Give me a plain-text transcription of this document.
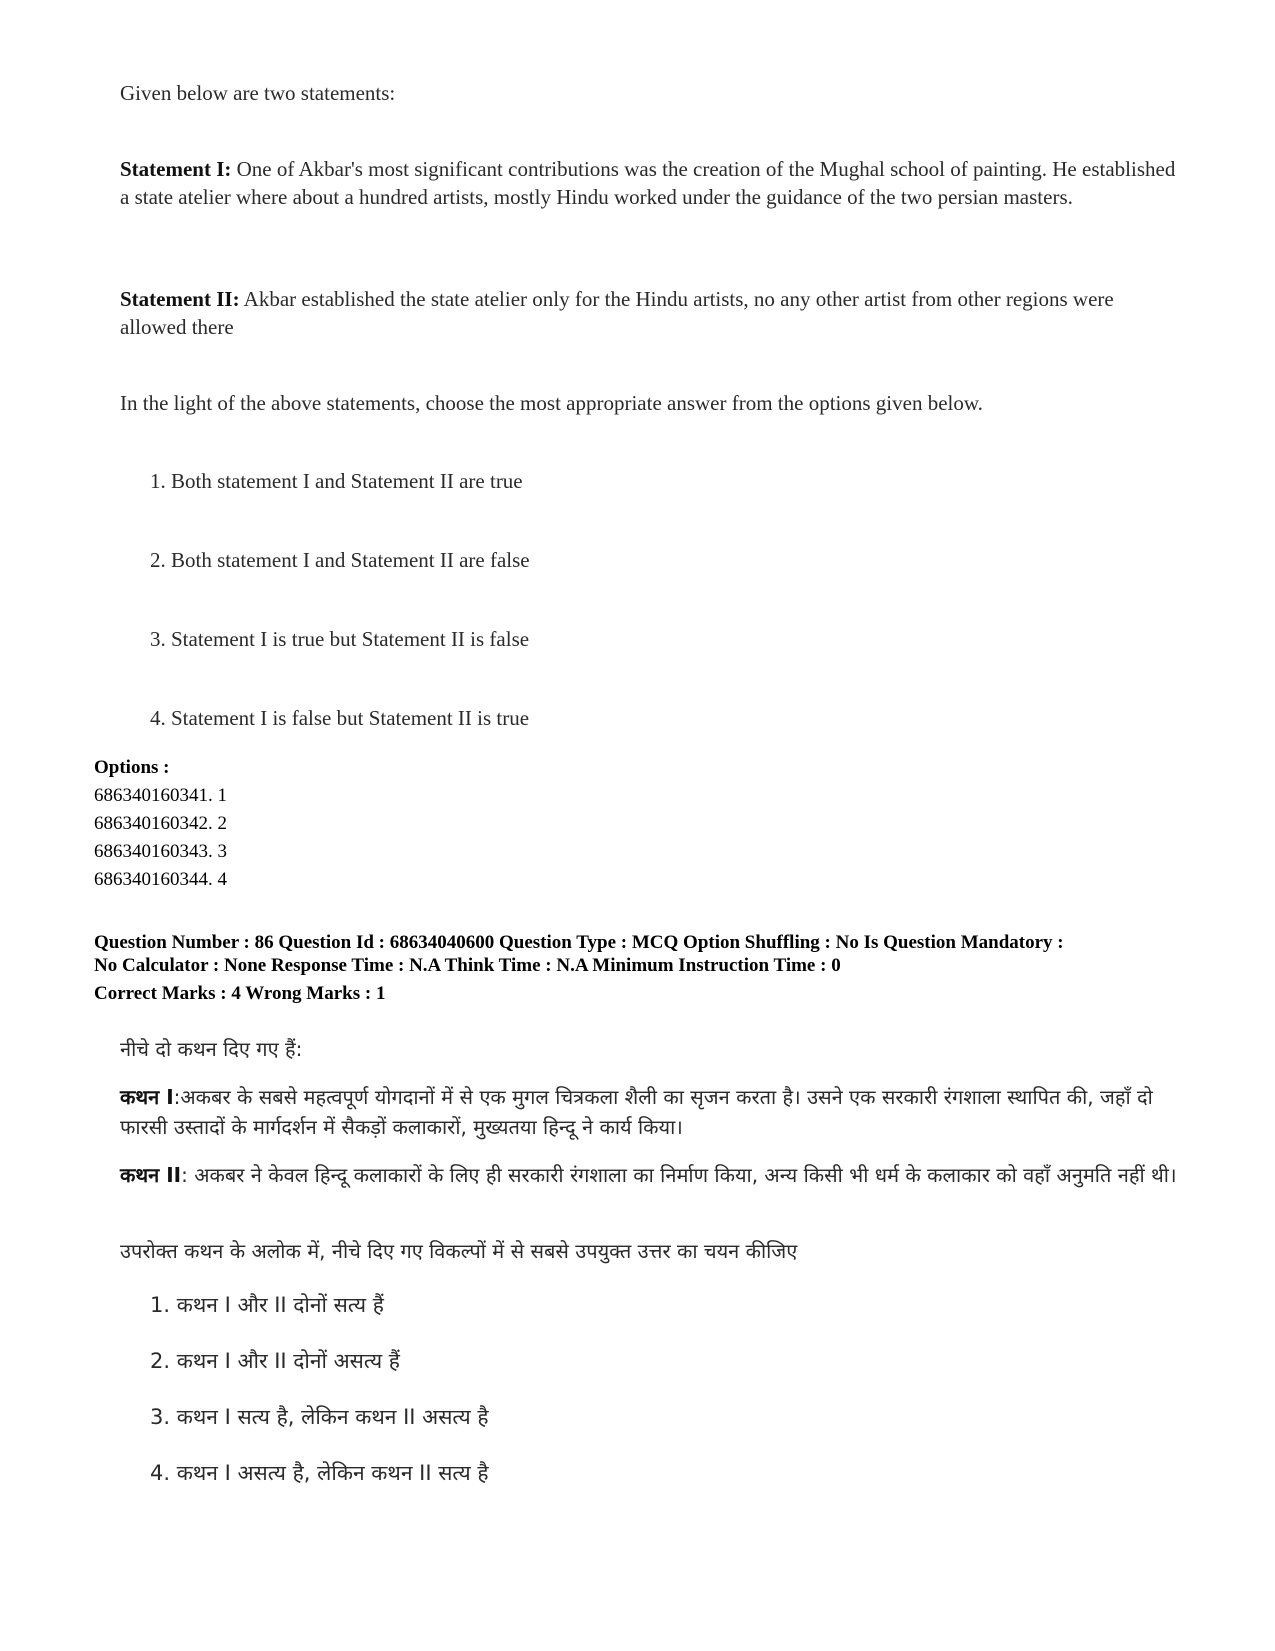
Given below are two statements:
Statement I: One of Akbar's most significant contributions was the creation of the Mughal school of painting. He established a state atelier where about a hundred artists, mostly Hindu worked under the guidance of the two persian masters.
Statement II: Akbar established the state atelier only for the Hindu artists, no any other artist from other regions were allowed there
In the light of the above statements, choose the most appropriate answer from the options given below.
1. Both statement I and Statement II are true
2. Both statement I and Statement II are false
3. Statement I is true but Statement II is false
4. Statement I is false but Statement II is true
Options :
686340160341. 1
686340160342. 2
686340160343. 3
686340160344. 4
Question Number : 86 Question Id : 68634040600 Question Type : MCQ Option Shuffling : No Is Question Mandatory :
No Calculator : None Response Time : N.A Think Time : N.A Minimum Instruction Time : 0
Correct Marks : 4 Wrong Marks : 1
नीचे दो कथन दिए गए हैं:
कथन I:अकबर के सबसे महत्वपूर्ण योगदानों में से एक मुगल चित्रकला शैली का सृजन करता है। उसने एक सरकारी रंगशाला स्थापित की, जहाँ दो फारसी उस्तादों के मार्गदर्शन में सैकड़ों कलाकारों, मुख्यतया हिन्दू ने कार्य किया।
कथन II: अकबर ने केवल हिन्दू कलाकारों के लिए ही सरकारी रंगशाला का निर्माण किया, अन्य किसी भी धर्म के कलाकार को वहाँ अनुमति नहीं थी।
उपरोक्त कथन के अलोक में, नीचे दिए गए विकल्पों में से सबसे उपयुक्त उत्तर का चयन कीजिए
1. कथन I और II दोनों सत्य हैं
2. कथन I और II दोनों असत्य हैं
3. कथन I सत्य है, लेकिन कथन II असत्य है
4. कथन I असत्य है, लेकिन कथन II सत्य है
